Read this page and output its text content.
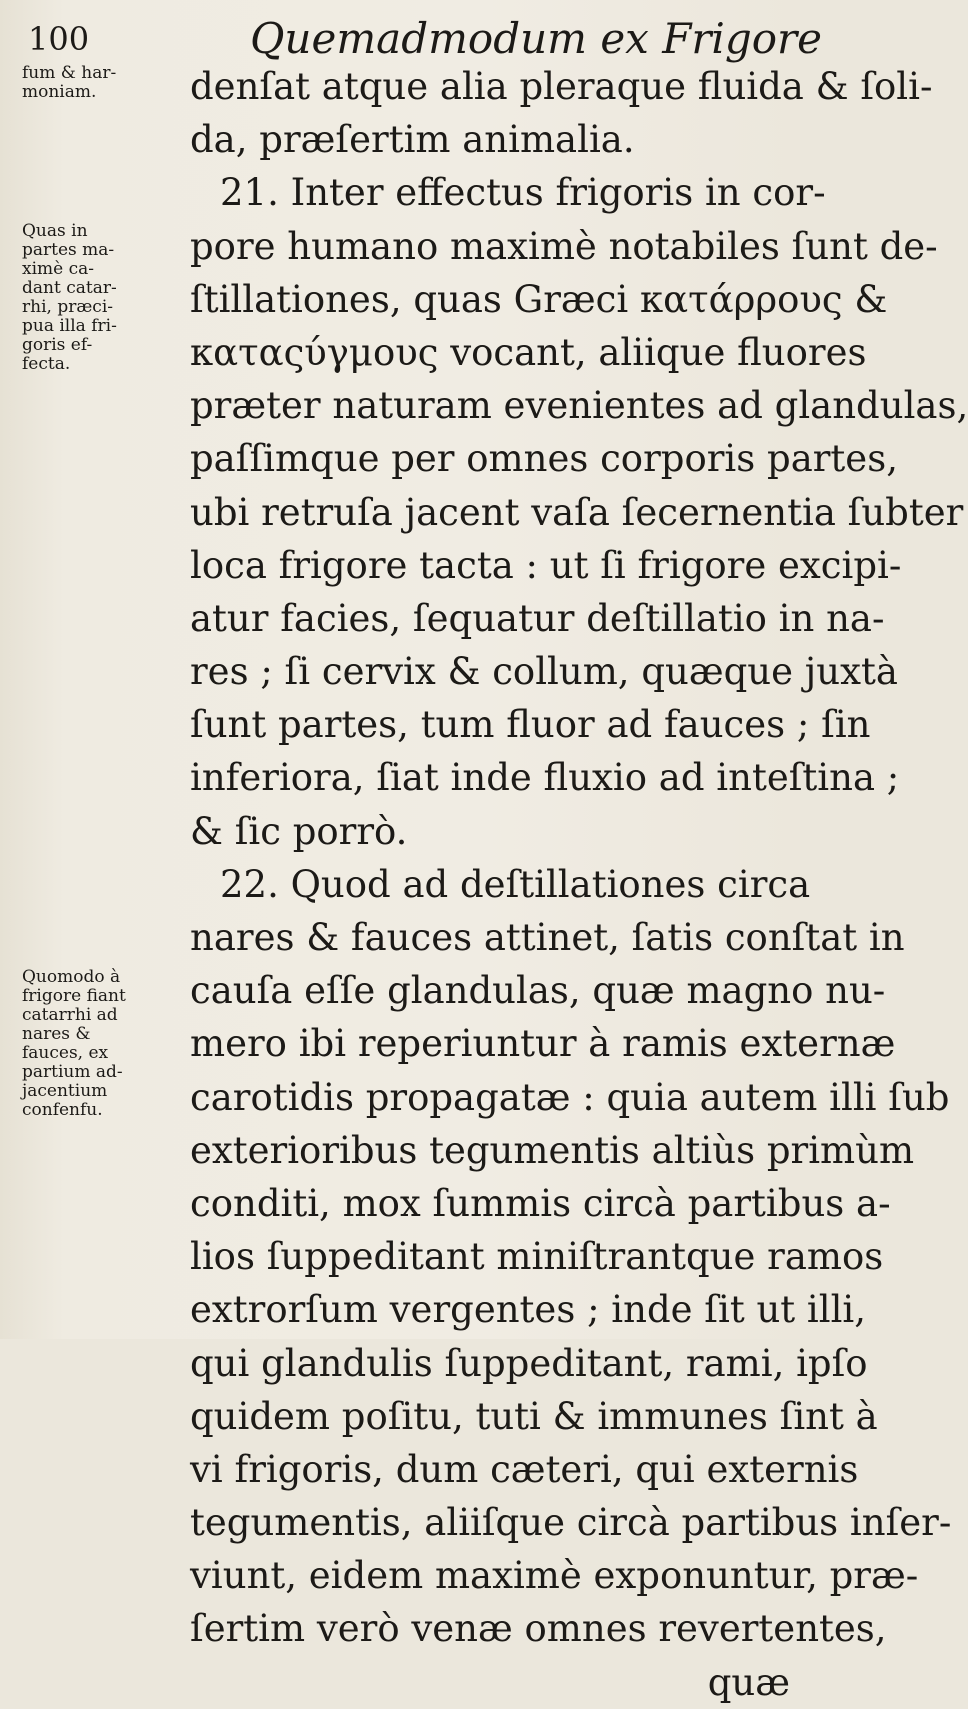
100	Quemadmodum ex Frigore
fum & har-
moniam.
Quas in
partes ma-
ximè ca-
dant catar-
rhi, præci-
pua illa fri-
goris ef-
fecta.
Quomodo à
frigore fiant
catarrhi ad
nares &
fauces, ex
partium ad-
jacentium
confenfu.
denſat atque alia pleraque fluida & ſoli-
da, præſertim animalia.
21. Inter effectus frigoris in cor-
pore humano maximè notabiles ſunt de-
ſtillationes, quas Græci κατάρρους &
καταςύγμους vocant, aliique fluores
præter naturam evenientes ad glandulas,
paſſimque per omnes corporis partes,
ubi retruſa jacent vaſa ſecernentia ſubter
loca frigore tacta : ut ſi frigore excipi-
atur facies, ſequatur deſtillatio in na-
res ; ſi cervix & collum, quæque juxtà
ſunt partes, tum fluor ad fauces ; ſin
inferiora, ſiat inde fluxio ad inteſtina ;
& ſic porrò.
22. Quod ad deſtillationes circa
nares & fauces attinet, ſatis conſtat in
cauſa eſſe glandulas, quæ magno nu-
mero ibi reperiuntur à ramis externæ
carotidis propagatæ : quia autem illi ſub
exterioribus tegumentis altiùs primùm
conditi, mox ſummis circà partibus a-
lios ſuppeditant miniſtrantque ramos
extrorſum vergentes ; inde ſit ut illi,
qui glandulis ſuppeditant, rami, ipſo
quidem poſitu, tuti & immunes ſint à
vi frigoris, dum cæteri, qui externis
tegumentis, aliiſque circà partibus inſer-
viunt, eidem maximè exponuntur, præ-
ſertim verò venæ omnes revertentes,
quæ
